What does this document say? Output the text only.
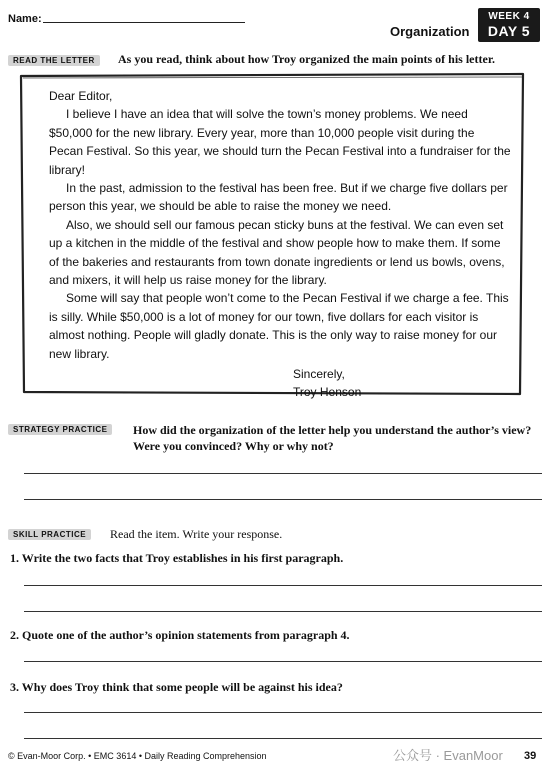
Name:
Organization
WEEK 4
DAY 5
READ THE LETTER	As you read, think about how Troy organized the main points of his letter.

Dear Editor,

I believe I have an idea that will solve the town’s money problems. We need $50,000 for the new library. Every year, more than 10,000 people visit during the Pecan Festival. So this year, we should turn the Pecan Festival into a fundraiser for the library!

In the past, admission to the festival has been free. But if we charge five dollars per person this year, we should be able to raise the money we need.

Also, we should sell our famous pecan sticky buns at the festival. We can even set up a kitchen in the middle of the festival and show people how to make them. If some of the bakeries and restaurants from town donate ingredients or lend us bowls, ovens, and mixers, it will help us raise money for the library.

Some will say that people won’t come to the Pecan Festival if we charge a fee. This is silly. While $50,000 is a lot of money for our town, five dollars for each visitor is almost nothing. People will gladly donate. This is the only way to raise money for our new library.

Sincerely,
Troy Henson
STRATEGY PRACTICE	How did the organization of the letter help you understand the author’s view? Were you convinced? Why or why not?
SKILL PRACTICE	Read the item. Write your response.
1. Write the two facts that Troy establishes in his first paragraph.
2. Quote one of the author’s opinion statements from paragraph 4.
3. Why does Troy think that some people will be against his idea?
© Evan-Moor Corp. • EMC 3614 • Daily Reading Comprehension	公众号 · EvanMoor 39
